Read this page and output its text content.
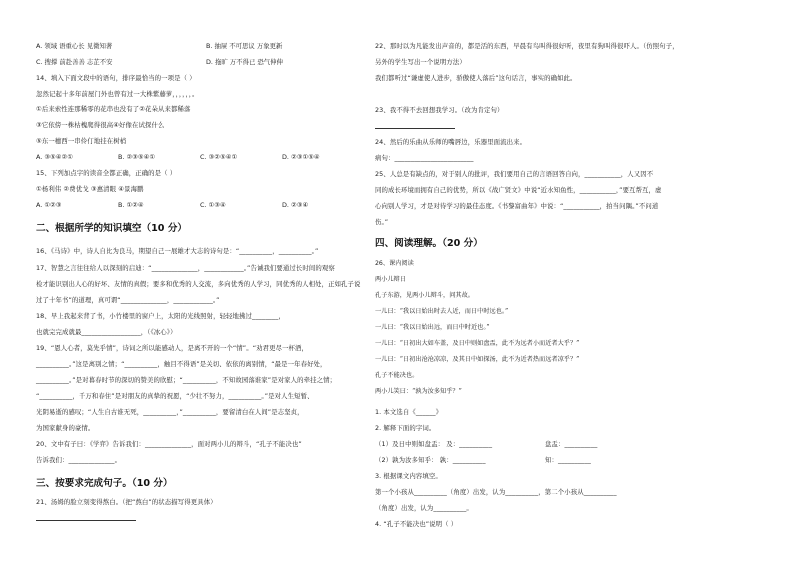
A. 领域 语重心长 见微知著	B. 抽屉 不可思议 万象更新
C. 搜撑 前赴善善 志芷不安	D. 拖旷 万不得已 恐气伸伸
14、填入下面文段中的语句，排序最恰当的一项是（ ）
忽然记起十多年前屋门外也曾有过一大株紫藤萝，，，，，，。
①后来索性连那稀零的花串也没有了②花朵从来都稀落
③它依傍一株枯槐爬得很高④好像在试探什么
⑤东一穗西一串伶仃地挂在树梢
A. ③⑤④②①	B. ②③⑤④①	C. ③②⑤④①	D. ②③①⑤④
15、下列加点字的读音全都正确，正确的是（ ）
①杨利伟 ②费优戈 ③惠清眼 ④景海鹏
A. ①②③	B. ①②④	C. ①③④	D. ②③④
二、根据所学的知识填空（10 分）
16、《马诗》中，诗人自比为良马，期望自己一展雄才大志的诗句是：“__________，__________。”
17、智慧之言往往给人以深刻的启迪：“______________，____________。”告诫我们要通过长时间的观察
检才能识别出人心的好坏、友情的真假；要多和优秀的人交流，多向优秀的人学习，同优秀的人相处，正如孔子说
过了十年书”的道理，真可谓“______________，____________。”
18、早上我起来背了书，小竹楼里的窗户上，太阳的光线照射，轻轻地拂过________，
也就完完成就最__________________，（《冰心》）
19、“恩人心者，莫先乎情”，诗词之所以能感动人，是离不开的一个“情”。“劝君更尽一杯酒，
__________。”这是离别之情；“__________，触目不得语”是关切、依依的离别情，“最是一年春好处，
__________。”是对暮春时节的深切的赞美的欣慰；“__________，不知故园落谁家”是对家人的牵挂之情；
“__________，千万和春住”是对朋友的真挚的祝愿，“少壮不努力，__________。”是对人生短暂、
光阴易逝的感叹；“人生自古谁无死，__________，”__________，要留清白在人间”是志坚贞，
为国家献身的豪情。
20、文中有子曰：《学弈》告诉我们：______________，面对两小儿的辩斗，“孔子不能决也”
告诉我们：______________。
三、按要求完成句子。（10 分）
21、汤姆的脸立刻变得熬白。（把“熬白”的状态描写得更具体）
22、那时以为凡能发出声音的，都是活的东西，早晨有鸟叫得很好听，夜里有狗叫得很吓人。（仿照句子，
另外的学生写出一个说明方法）
我们都听过“谦虚使人进步，骄傲使人落后”这句话言，事实的确如此。
23、我不得不去回想我学习。（改为肯定句）
24、然后的乐曲从乐师的嘴唇边，乐器里面流出来。
病句：________________________
25、人总是有缺点的，对于别人的批评，我们要用自己的言语回答自向，___________，人又因不
同的成长环境而拥有自己的优势，所以《战广贤文》中说“近水知鱼性，___________，”要互帮互，虚
心向别人学习，才是对待学习的最佳态度。《书黎富曲年》中说：“___________，拍当问隅。”不问道
伤。”
四、阅读理解。（20 分）
26、课内阅读
两小儿辩日
孔子东游，见两小儿辩斗，问其故。
一儿曰：“我以日始出时去人近，而日中时远也。”
一儿曰：“我以日始出远，而日中时近也。”
一儿曰：“日初出大如车盖，及日中则如盘盂，此不为远者小而近者大乎？”
一儿曰：“日初出沧沧凉凉，及其日中如探汤，此不为近者热而远者凉乎？”
孔子不能决也。
两小儿笑曰：“孰为汝多知乎？”
1. 本文选自《______》
2. 解释下面的字词。
（1）及日中则如盘盂： 及：__________	盘盂：__________
（2）孰为汝多知乎： 孰：__________	知：__________
3. 根据课文内容填空。
第一个小孩从__________（角度）出发，认为__________，第二个小孩从__________
（角度）出发，认为__________。
4. “孔子不能决也”说明（ ）
